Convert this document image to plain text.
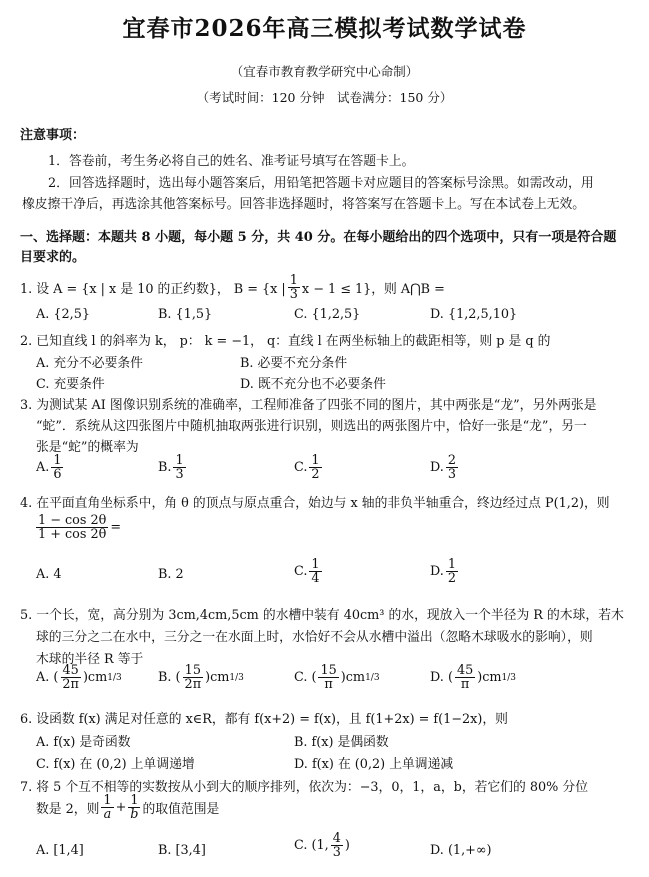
宜春市2026年高三模拟考试数学试卷
（宜春市教育教学研究中心命制）
（考试时间：120 分钟　试卷满分：150 分）
注意事项：
1．答卷前，考生务必将自己的姓名、准考证号填写在答题卡上。
2．回答选择题时，选出每小题答案后，用铅笔把答题卡对应题目的答案标号涂黑。如需改动，用
橡皮擦干净后，再选涂其他答案标号。回答非选择题时，将答案写在答题卡上。写在本试卷上无效。
一、选择题：本题共 8 小题，每小题 5 分，共 40 分。在每小题给出的四个选项中，只有一项是符合题
目要求的。
1. 设 A = {x | x 是 10 的正约数}， B = {x | $\frac{1}{3}$ x − 1 ≤ 1}，则 A⋂B =
A. {2,5}	B. {1,5}	C. {1,2,5}	D. {1,2,5,10}
2. 已知直线 l 的斜率为 k， p： k = −1， q：直线 l 在两坐标轴上的截距相等，则 p 是 q 的
A. 充分不必要条件	B. 必要不充分条件
C. 充要条件	D. 既不充分也不必要条件
3. 为测试某 AI 图像识别系统的准确率，工程师准备了四张不同的图片，其中两张是“龙”，另外两张是
“蛇”．系统从这四张图片中随机抽取两张进行识别，则选出的两张图片中，恰好一张是“龙”，另一
张是“蛇”的概率为
A. $\frac{1}{6}$	B. $\frac{1}{3}$	C. $\frac{1}{2}$	D. $\frac{2}{3}$
4. 在平面直角坐标系中，角 θ 的顶点与原点重合，始边与 x 轴的非负半轴重合，终边经过点 P(1,2)，则
$\frac{1 - \cos 2\theta}{1 + \cos 2\theta}$ =
A. 4	B. 2	C. $\frac{1}{4}$	D. $\frac{1}{2}$
5. 一个长，宽，高分别为 3cm,4cm,5cm 的水槽中装有 40cm³ 的水，现放入一个半径为 R 的木球，若木
球的三分之二在水中，三分之一在水面上时，水恰好不会从水槽中溢出（忽略木球吸水的影响），则
木球的半径 R 等于
A. ( $\frac{45}{2\pi} )cm$ 1/3	B. ( $\frac{15}{2\pi} )cm$ 1/3	C. ( $\frac{15}{\pi} )cm$ 1/3	D. ( $\frac{45}{\pi} )cm$ 1/3
6. 设函数 f(x) 满足对任意的 x∈R，都有 f(x+2) = f(x)，且 f(1+2x) = f(1−2x)，则
A. f(x) 是奇函数	B. f(x) 是偶函数
C. f(x) 在 (0,2) 上单调递增	D. f(x) 在 (0,2) 上单调递减
7. 将 5 个互不相等的实数按从小到大的顺序排列，依次为：−3，0，1，a，b，若它们的 80% 分位
数是 2，则 $\frac{1}{a} + \frac{1}{b}$ 的取值范围是
A. [1,4]	B. [3,4]	C. (1, $\frac{4}{3}$ )	D. (1,+∞)
